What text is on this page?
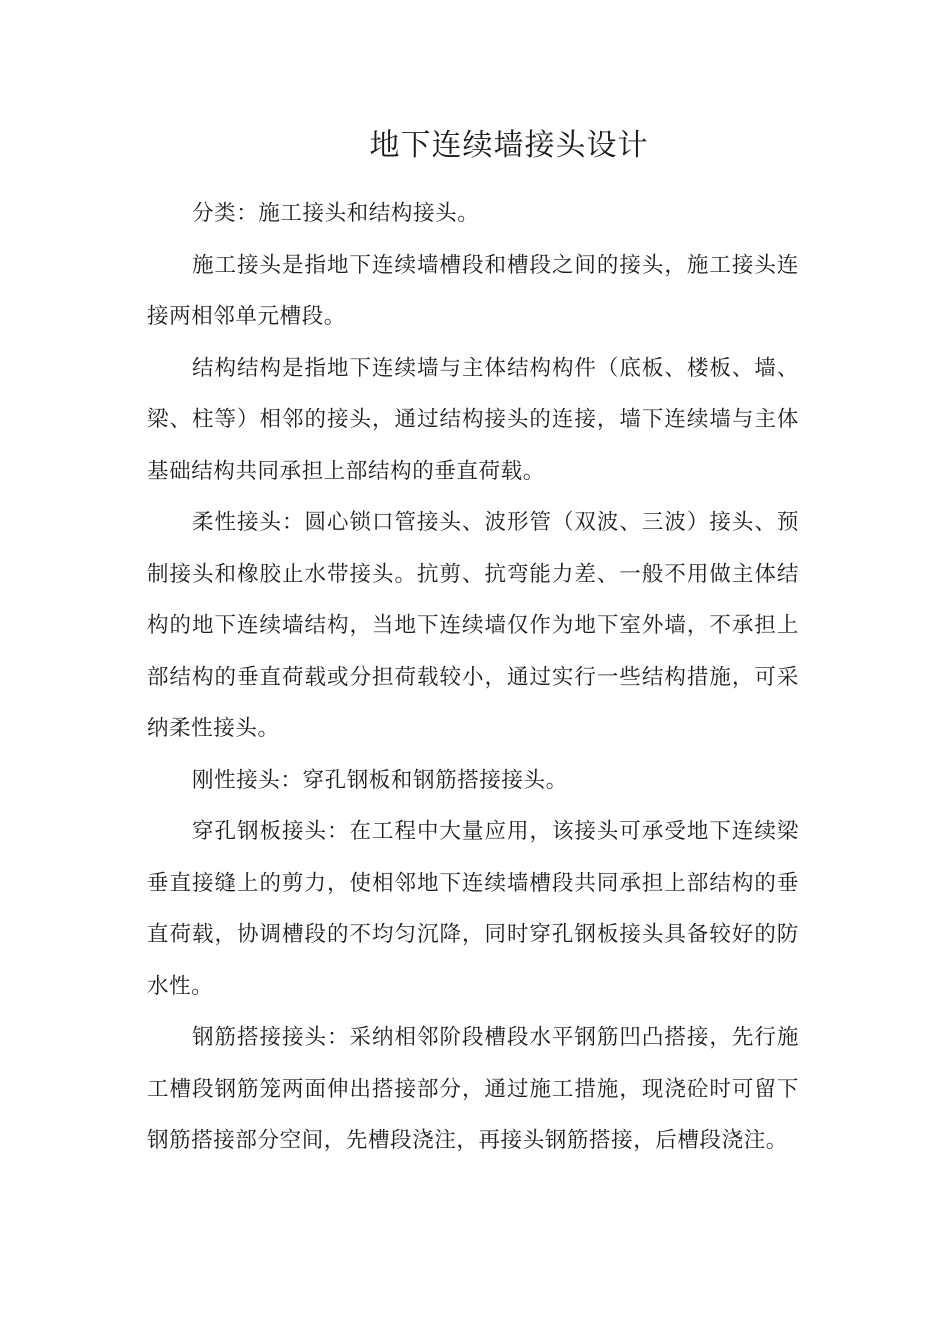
地下连续墙接头设计

分类：施工接头和结构接头。

施工接头是指地下连续墙槽段和槽段之间的接头，施工接头连接两相邻单元槽段。

结构结构是指地下连续墙与主体结构构件（底板、楼板、墙、梁、柱等）相邻的接头，通过结构接头的连接，墙下连续墙与主体基础结构共同承担上部结构的垂直荷载。

柔性接头：圆心锁口管接头、波形管（双波、三波）接头、预制接头和橡胶止水带接头。抗剪、抗弯能力差、一般不用做主体结构的地下连续墙结构，当地下连续墙仅作为地下室外墙，不承担上部结构的垂直荷载或分担荷载较小，通过实行一些结构措施，可采纳柔性接头。

刚性接头：穿孔钢板和钢筋搭接接头。

穿孔钢板接头：在工程中大量应用，该接头可承受地下连续梁垂直接缝上的剪力，使相邻地下连续墙槽段共同承担上部结构的垂直荷载，协调槽段的不均匀沉降，同时穿孔钢板接头具备较好的防水性。

钢筋搭接接头：采纳相邻阶段槽段水平钢筋凹凸搭接，先行施工槽段钢筋笼两面伸出搭接部分，通过施工措施，现浇砼时可留下钢筋搭接部分空间，先槽段浇注，再接头钢筋搭接，后槽段浇注。
